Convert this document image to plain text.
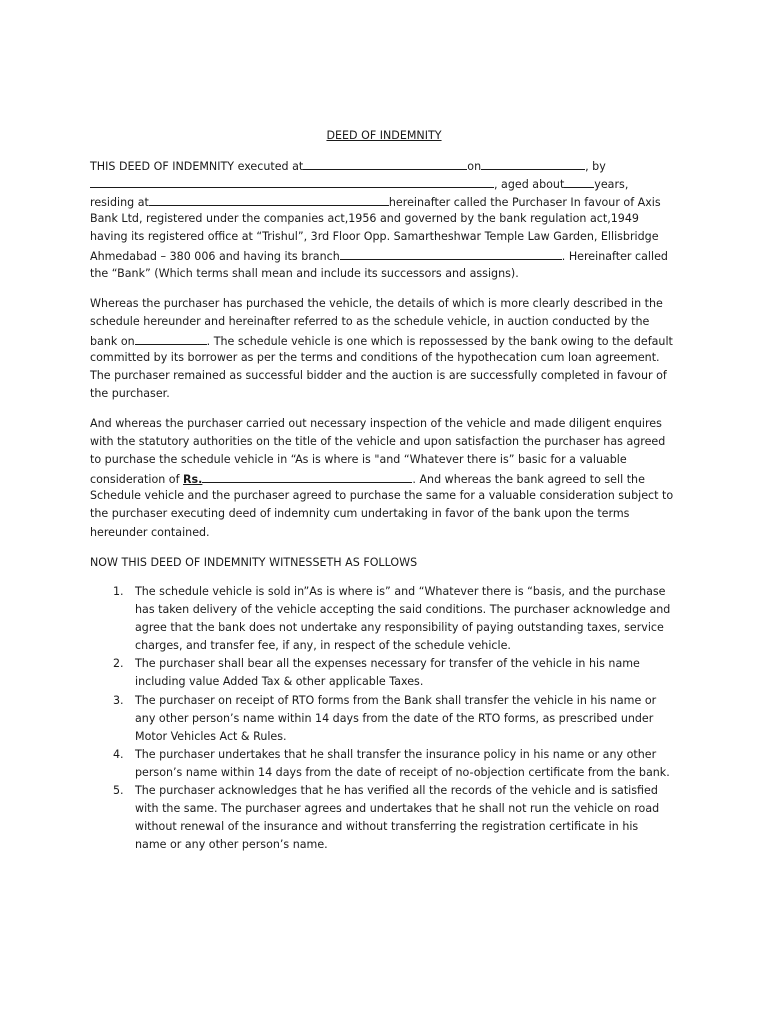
DEED OF INDEMNITY
THIS DEED OF INDEMNITY executed at	on	, by
, aged about	years,
residing at	hereinafter called the Purchaser In favour of Axis
Bank Ltd, registered under the companies act,1956 and governed by the bank regulation act,1949
having its registered office at “Trishul”, 3rd Floor Opp. Samartheshwar Temple Law Garden, Ellisbridge
Ahmedabad – 380 006 and having its branch	. Hereinafter called
the “Bank” (Which terms shall mean and include its successors and assigns).
Whereas the purchaser has purchased the vehicle, the details of which is more clearly described in the
schedule hereunder and hereinafter referred to as the schedule vehicle, in auction conducted by the
bank on	. The schedule vehicle is one which is repossessed by the bank owing to the default
committed by its borrower as per the terms and conditions of the hypothecation cum loan agreement.
The purchaser remained as successful bidder and the auction is are successfully completed in favour of
the purchaser.
And whereas the purchaser carried out necessary inspection of the vehicle and made diligent enquires
with the statutory authorities on the title of the vehicle and upon satisfaction the purchaser has agreed
to purchase the schedule vehicle in “As is where is "and “Whatever there is” basic for a valuable
consideration of Rs.	. And whereas the bank agreed to sell the
Schedule vehicle and the purchaser agreed to purchase the same for a valuable consideration subject to
the purchaser executing deed of indemnity cum undertaking in favor of the bank upon the terms
hereunder contained.
NOW THIS DEED OF INDEMNITY WITNESSETH AS FOLLOWS
1. The schedule vehicle is sold in”As is where is” and “Whatever there is “basis, and the purchase
has taken delivery of the vehicle accepting the said conditions. The purchaser acknowledge and
agree that the bank does not undertake any responsibility of paying outstanding taxes, service
charges, and transfer fee, if any, in respect of the schedule vehicle.
2. The purchaser shall bear all the expenses necessary for transfer of the vehicle in his name
including value Added Tax & other applicable Taxes.
3. The purchaser on receipt of RTO forms from the Bank shall transfer the vehicle in his name or
any other person’s name within 14 days from the date of the RTO forms, as prescribed under
Motor Vehicles Act & Rules.
4. The purchaser undertakes that he shall transfer the insurance policy in his name or any other
person’s name within 14 days from the date of receipt of no-objection certificate from the bank.
5. The purchaser acknowledges that he has verified all the records of the vehicle and is satisfied
with the same. The purchaser agrees and undertakes that he shall not run the vehicle on road
without renewal of the insurance and without transferring the registration certificate in his
name or any other person’s name.
